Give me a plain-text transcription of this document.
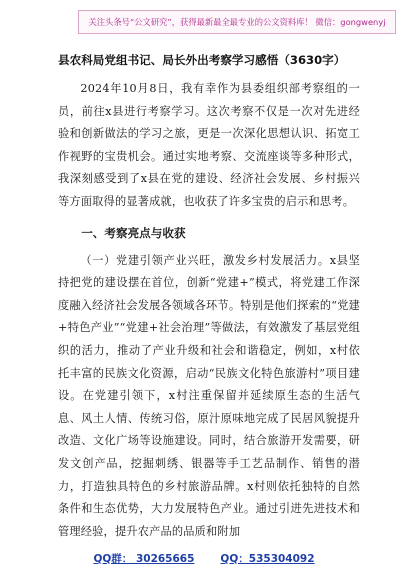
关注头条号“公文研究”，获得最新最全最专业的公文资料库！ 微信：gongwenyj
县农科局党组书记、局长外出考察学习感悟（3630字）

2024年10月8日，我有幸作为县委组织部考察组的一员，前往x县进行考察学习。这次考察不仅是一次对先进经验和创新做法的学习之旅，更是一次深化思想认识、拓宽工作视野的宝贵机会。通过实地考察、交流座谈等多种形式，我深刻感受到了x县在党的建设、经济社会发展、乡村振兴等方面取得的显著成就，也收获了许多宝贵的启示和思考。

一、考察亮点与收获

（一）党建引领产业兴旺，激发乡村发展活力。x县坚持把党的建设摆在首位，创新“党建+”模式，将党建工作深度融入经济社会发展各领域各环节。特别是他们探索的“党建+特色产业”“党建+社会治理”等做法，有效激发了基层党组织的活力，推动了产业升级和社会和谐稳定，例如，x村依托丰富的民族文化资源，启动“民族文化特色旅游村”项目建设。在党建引领下，x村注重保留并延续原生态的生活气息、风土人情、传统习俗，原汁原味地完成了民居风貌提升改造、文化广场等设施建设。同时，结合旅游开发需要，研发文创产品，挖掘刺绣、银器等手工艺品制作、销售的潜力，打造独具特色的乡村旅游品牌。x村则依托独特的自然条件和生态优势，大力发展特色产业。通过引进先进技术和管理经验，提升农产品的品质和附加

QQ群： 30265665 QQ：535304092
